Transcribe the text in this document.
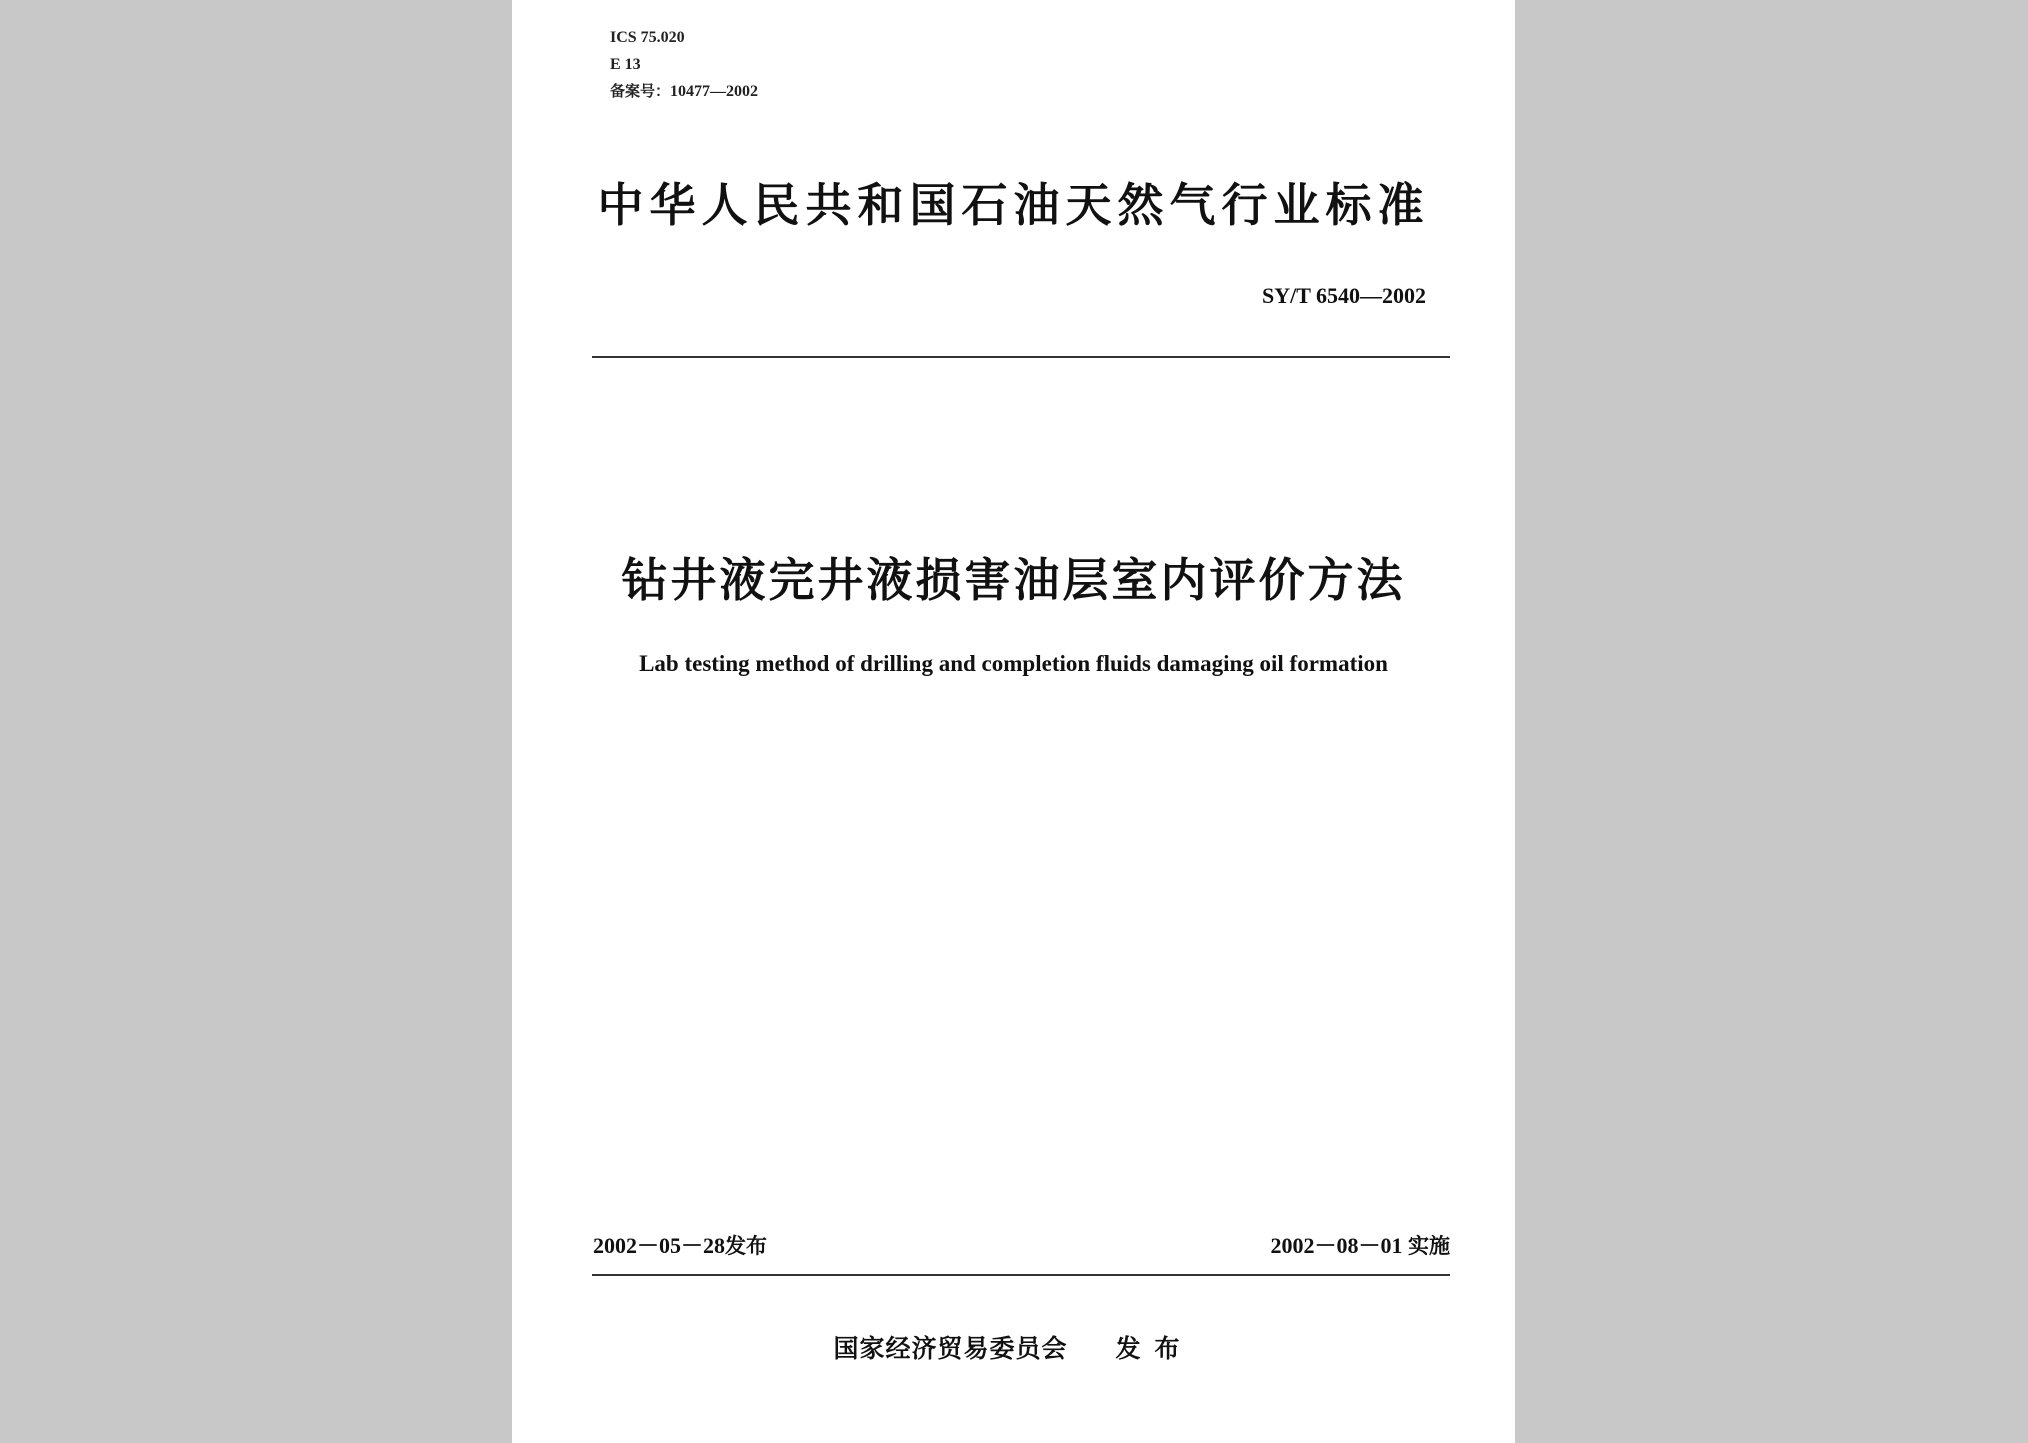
ICS 75.020
E 13
备案号：10477—2002
中华人民共和国石油天然气行业标准
SY/T 6540—2002
钻井液完井液损害油层室内评价方法
Lab testing method of drilling and completion fluids damaging oil formation
2002－05－28发布	2002－08－01 实施
国家经济贸易委员会 发布
